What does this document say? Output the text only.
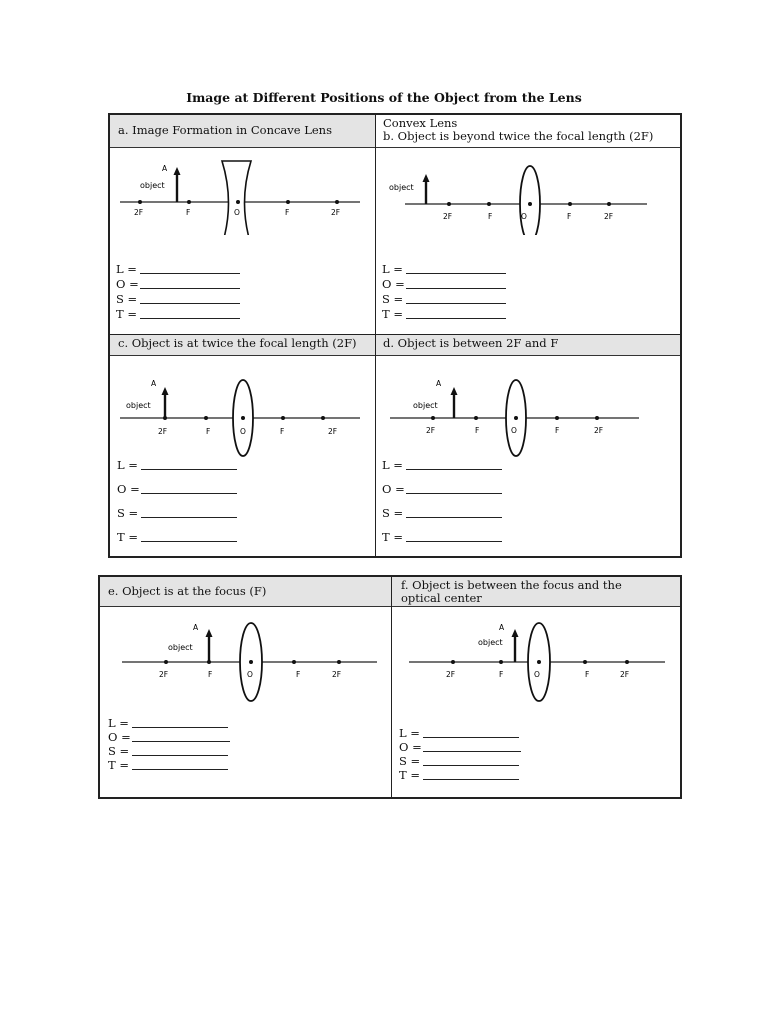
Image at Different Positions of the Object from the Lens
a. Image Formation in Concave Lens
A
object
2F	F	O	F	2F
L =
O =
S =
T =
Convex Lens
b. Object is beyond twice the focal length (2F)
object
2F	F	O	F	2F
L =
O =
S =
T =
c. Object is at twice the focal length (2F)
A
object
2F	F	O	F	2F
L =
O =
S =
T =
d. Object is between 2F and F
A
object
2F	F	O	F	2F
L =
O =
S =
T =
e. Object is at the focus (F)
A
object
2F	F	O	F	2F
L =
O =
S =
T =
f. Object is between the focus and the optical center
A
object
2F	F	O	F	2F
L =
O =
S =
T =
